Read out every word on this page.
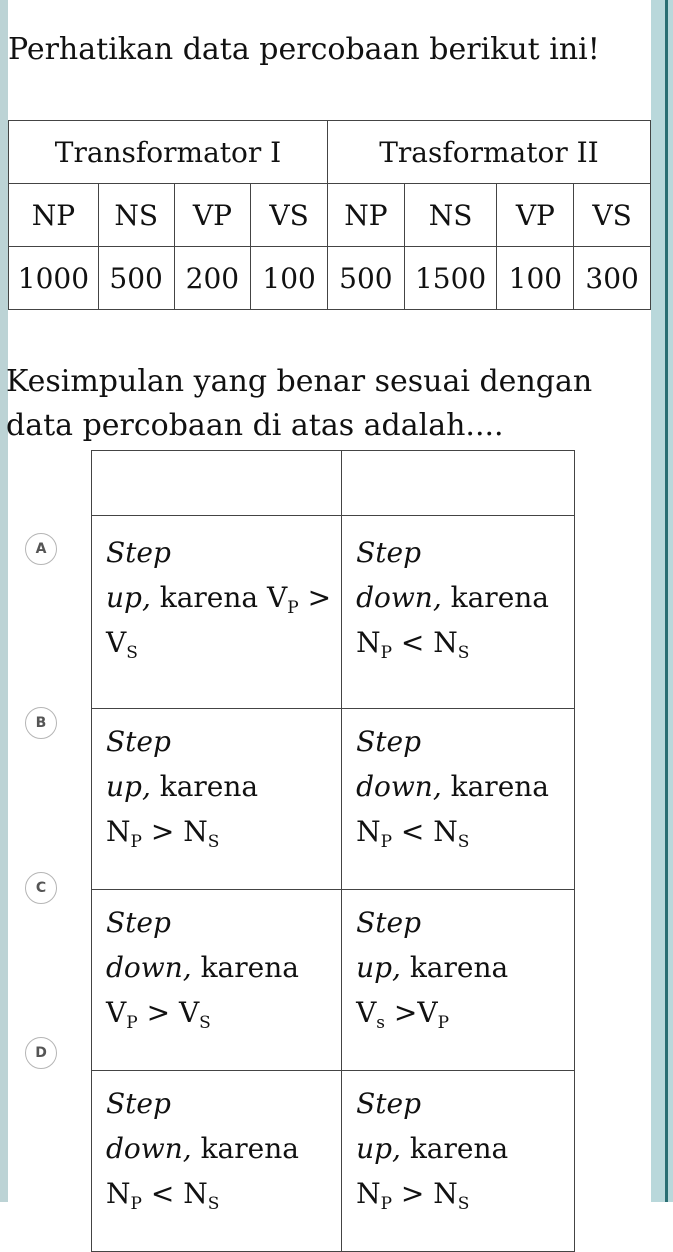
Perhatikan data percobaan berikut ini!

Transformator I				Trasformator II			
NP	NS	VP	VS	NP	NS	VP	VS
1000	500	200	100	500	1500	100	300

Kesimpulan yang benar sesuai dengan data percobaan di atas adalah....

A
B
C
D

Step
up, karena $V_P$ >
$V_S$	Step
down, karena
$N_P < N_S$

Step
up, karena
$N_P > N_S$	Step
down, karena
$N_P < N_S$

Step
down, karena
$V_P > V_S$	Step
up, karena
$V_s >V_P$

Step
down, karena
$N_P < N_S$	Step
up, karena
$N_P > N_S$
